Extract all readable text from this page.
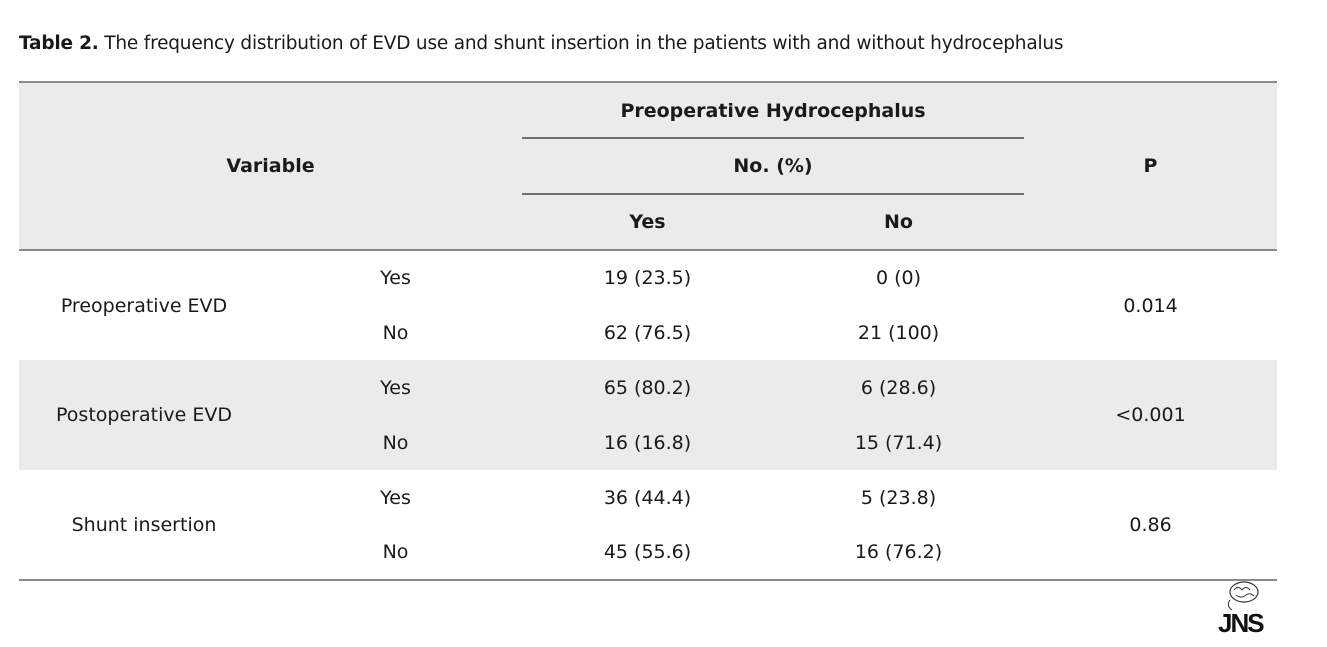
Table 2. The frequency distribution of EVD use and shunt insertion in the patients with and without hydrocephalus
Variable		Preoperative Hydrocephalus		P

		No. (%)		

		Yes	No	
Preoperative EVD	Yes	19 (23.5)	0 (0)	0.014
	No	62 (76.5)	21 (100)	
Postoperative EVD	Yes	65 (80.2)	6 (28.6)	<0.001
	No	16 (16.8)	15 (71.4)	
Shunt insertion	Yes	36 (44.4)	5 (23.8)	0.86
	No	45 (55.6)	16 (76.2)	
JNS
